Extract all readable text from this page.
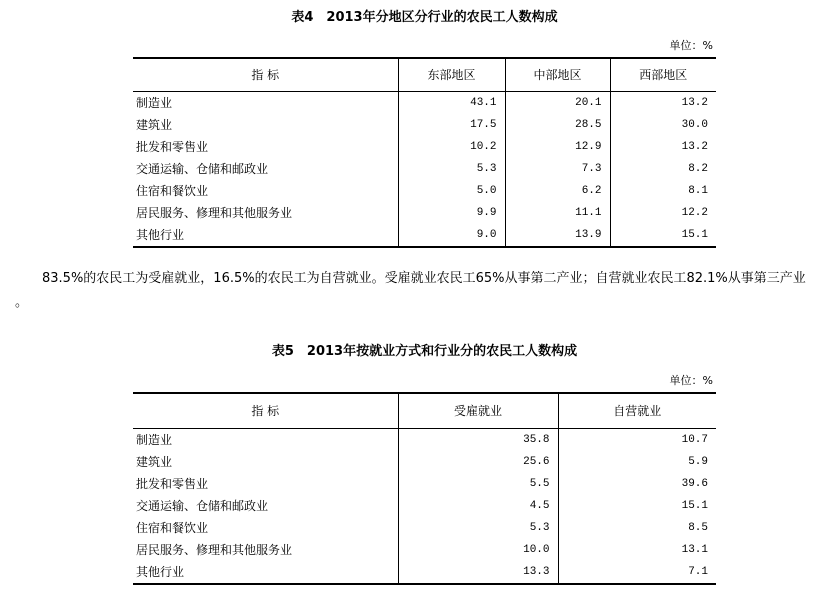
表4　2013年分地区分行业的农民工人数构成
单位：%
指 标	东部地区	中部地区	西部地区
制造业	43.1	20.1	13.2
建筑业	17.5	28.5	30.0
批发和零售业	10.2	12.9	13.2
交通运输、仓储和邮政业	5.3	7.3	8.2
住宿和餐饮业	5.0	6.2	8.1
居民服务、修理和其他服务业	9.9	11.1	12.2
其他行业	9.0	13.9	15.1
83.5%的农民工为受雇就业，16.5%的农民工为自营就业。受雇就业农民工65%从事第二产业；自营就业农民工82.1%从事第三产业
。
表5　2013年按就业方式和行业分的农民工人数构成
单位：%
指 标	受雇就业	自营就业
制造业	35.8	10.7
建筑业	25.6	5.9
批发和零售业	5.5	39.6
交通运输、仓储和邮政业	4.5	15.1
住宿和餐饮业	5.3	8.5
居民服务、修理和其他服务业	10.0	13.1
其他行业	13.3	7.1
